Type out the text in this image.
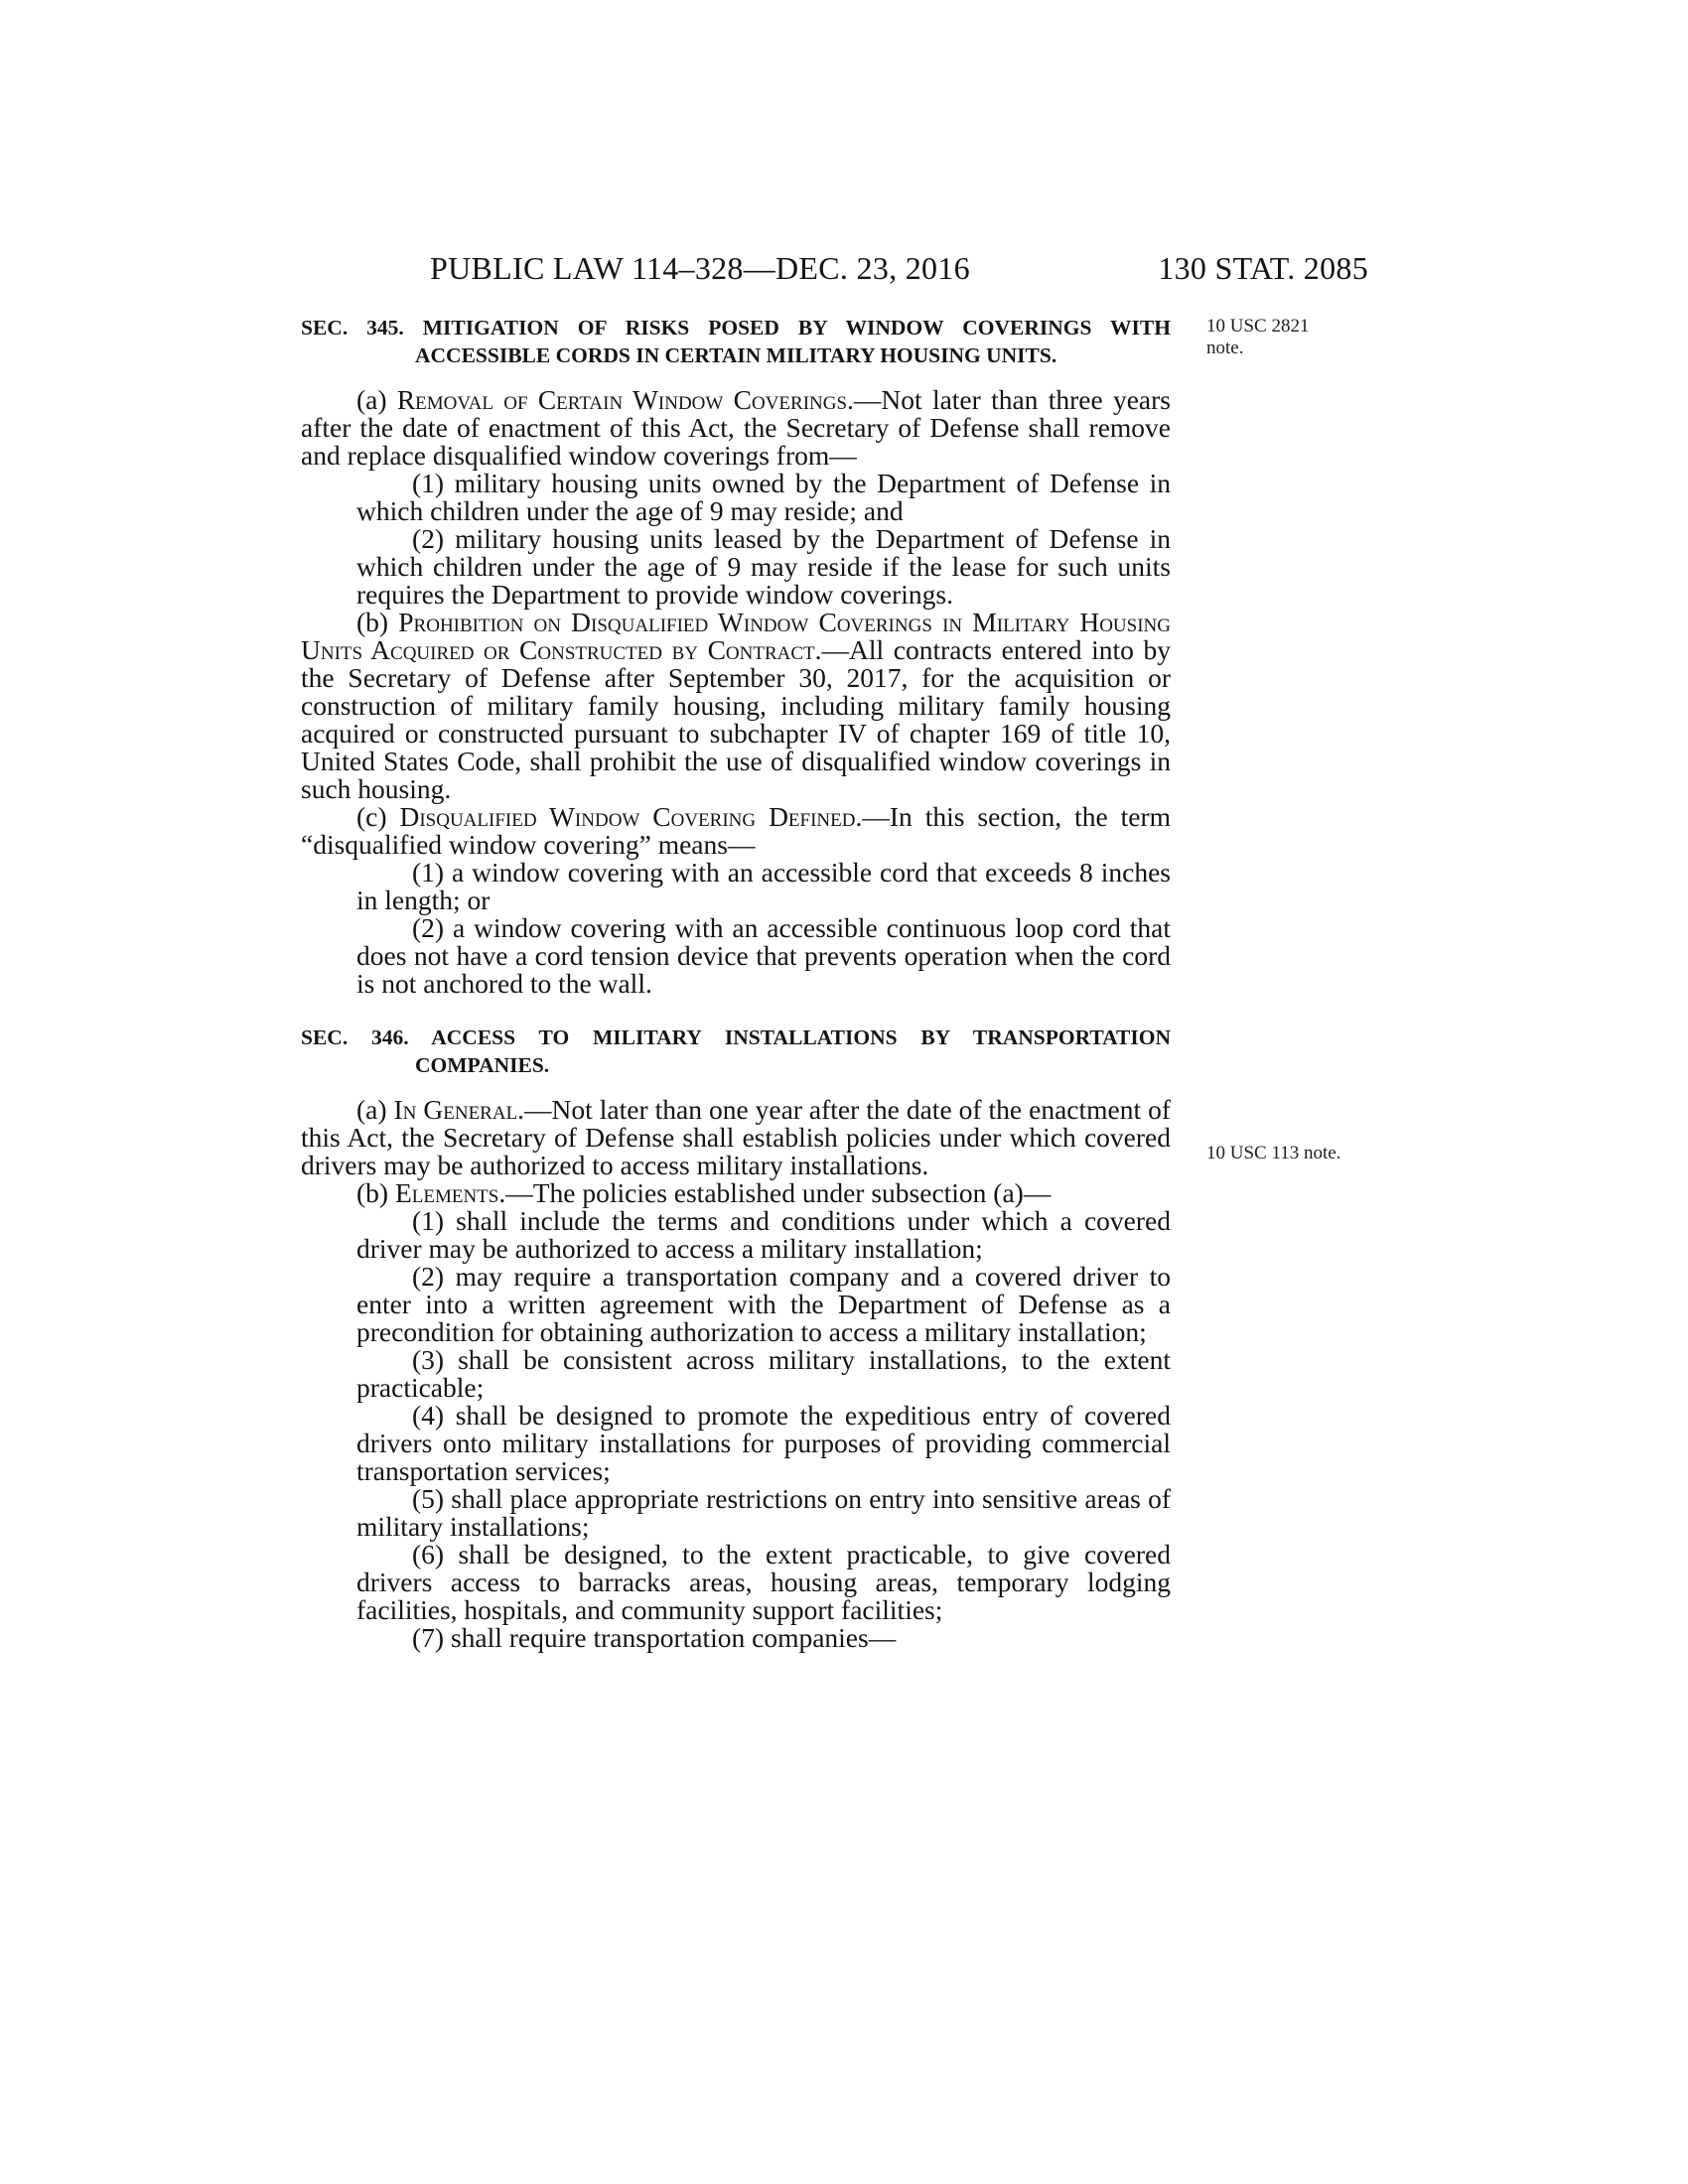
PUBLIC LAW 114–328—DEC. 23, 2016	130 STAT. 2085
10 USC 2821
note.
10 USC 113 note.
SEC. 345. MITIGATION OF RISKS POSED BY WINDOW COVERINGS WITH ACCESSIBLE CORDS IN CERTAIN MILITARY HOUSING UNITS.

(a) Removal of Certain Window Coverings.—Not later than three years after the date of enactment of this Act, the Secretary of Defense shall remove and replace disqualified window coverings from—

(1) military housing units owned by the Department of Defense in which children under the age of 9 may reside; and

(2) military housing units leased by the Department of Defense in which children under the age of 9 may reside if the lease for such units requires the Department to provide window coverings.

(b) Prohibition on Disqualified Window Coverings in Military Housing Units Acquired or Constructed by Contract.—All contracts entered into by the Secretary of Defense after September 30, 2017, for the acquisition or construction of military family housing, including military family housing acquired or constructed pursuant to subchapter IV of chapter 169 of title 10, United States Code, shall prohibit the use of disqualified window coverings in such housing.

(c) Disqualified Window Covering Defined.—In this section, the term “disqualified window covering” means—

(1) a window covering with an accessible cord that exceeds 8 inches in length; or

(2) a window covering with an accessible continuous loop cord that does not have a cord tension device that prevents operation when the cord is not anchored to the wall.

SEC. 346. ACCESS TO MILITARY INSTALLATIONS BY TRANSPORTATION COMPANIES.

(a) In General.—Not later than one year after the date of the enactment of this Act, the Secretary of Defense shall establish policies under which covered drivers may be authorized to access military installations.

(b) Elements.—The policies established under subsection (a)—

(1) shall include the terms and conditions under which a covered driver may be authorized to access a military installation;

(2) may require a transportation company and a covered driver to enter into a written agreement with the Department of Defense as a precondition for obtaining authorization to access a military installation;

(3) shall be consistent across military installations, to the extent practicable;

(4) shall be designed to promote the expeditious entry of covered drivers onto military installations for purposes of providing commercial transportation services;

(5) shall place appropriate restrictions on entry into sensitive areas of military installations;

(6) shall be designed, to the extent practicable, to give covered drivers access to barracks areas, housing areas, temporary lodging facilities, hospitals, and community support facilities;

(7) shall require transportation companies—
